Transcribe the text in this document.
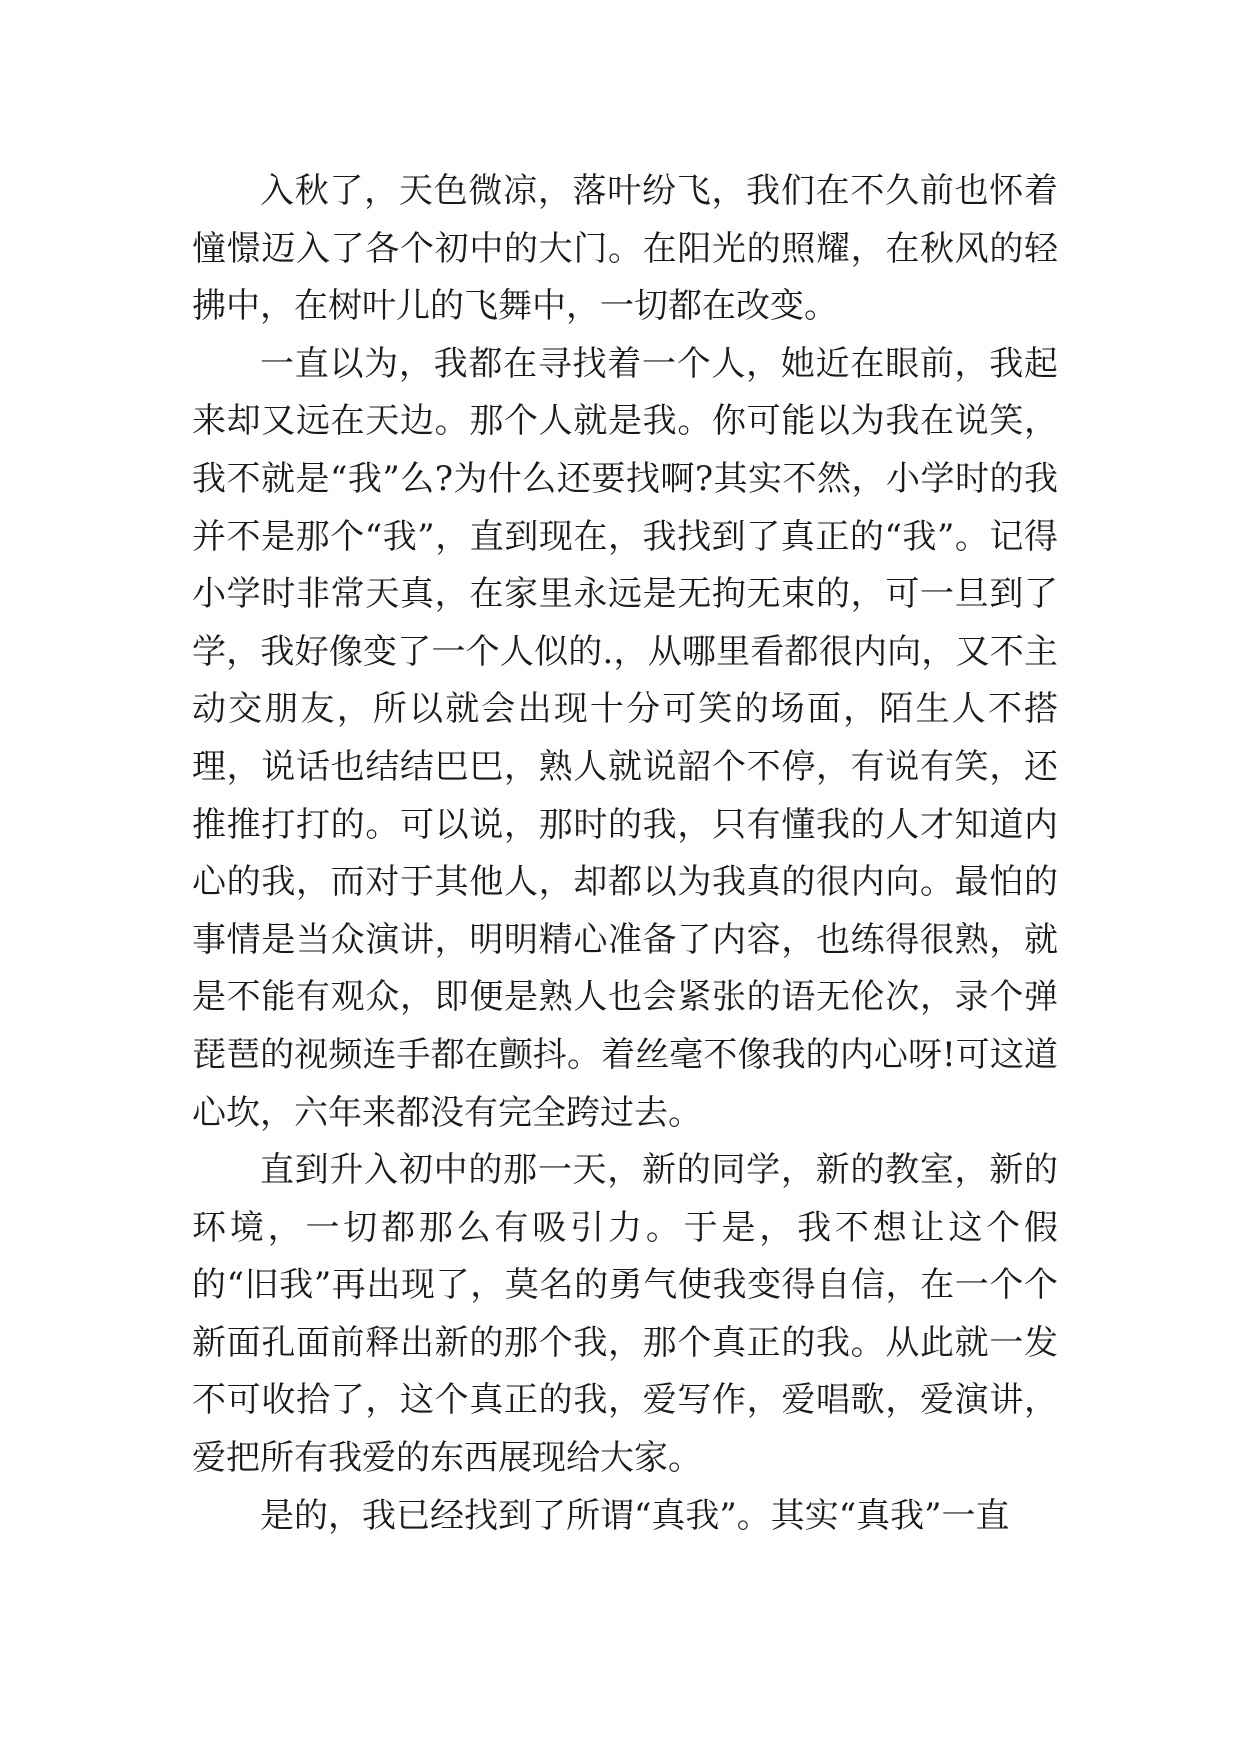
入秋了，天色微凉，落叶纷飞，我们在不久前也怀着憧憬迈入了各个初中的大门。在阳光的照耀，在秋风的轻拂中，在树叶儿的飞舞中，一切都在改变。

一直以为，我都在寻找着一个人，她近在眼前，我起来却又远在天边。那个人就是我。你可能以为我在说笑，我不就是“我”么?为什么还要找啊?其实不然，小学时的我并不是那个“我”，直到现在，我找到了真正的“我”。记得小学时非常天真，在家里永远是无拘无束的，可一旦到了学，我好像变了一个人似的.，从哪里看都很内向，又不主动交朋友，所以就会出现十分可笑的场面，陌生人不搭理，说话也结结巴巴，熟人就说韶个不停，有说有笑，还推推打打的。可以说，那时的我，只有懂我的人才知道内心的我，而对于其他人，却都以为我真的很内向。最怕的事情是当众演讲，明明精心准备了内容，也练得很熟，就是不能有观众，即便是熟人也会紧张的语无伦次，录个弹琵琶的视频连手都在颤抖。着丝毫不像我的内心呀!可这道心坎，六年来都没有完全跨过去。

直到升入初中的那一天，新的同学，新的教室，新的环境，一切都那么有吸引力。于是，我不想让这个假的“旧我”再出现了，莫名的勇气使我变得自信，在一个个新面孔面前释出新的那个我，那个真正的我。从此就一发不可收拾了，这个真正的我，爱写作，爱唱歌，爱演讲，爱把所有我爱的东西展现给大家。

是的，我已经找到了所谓“真我”。其实“真我”一直
